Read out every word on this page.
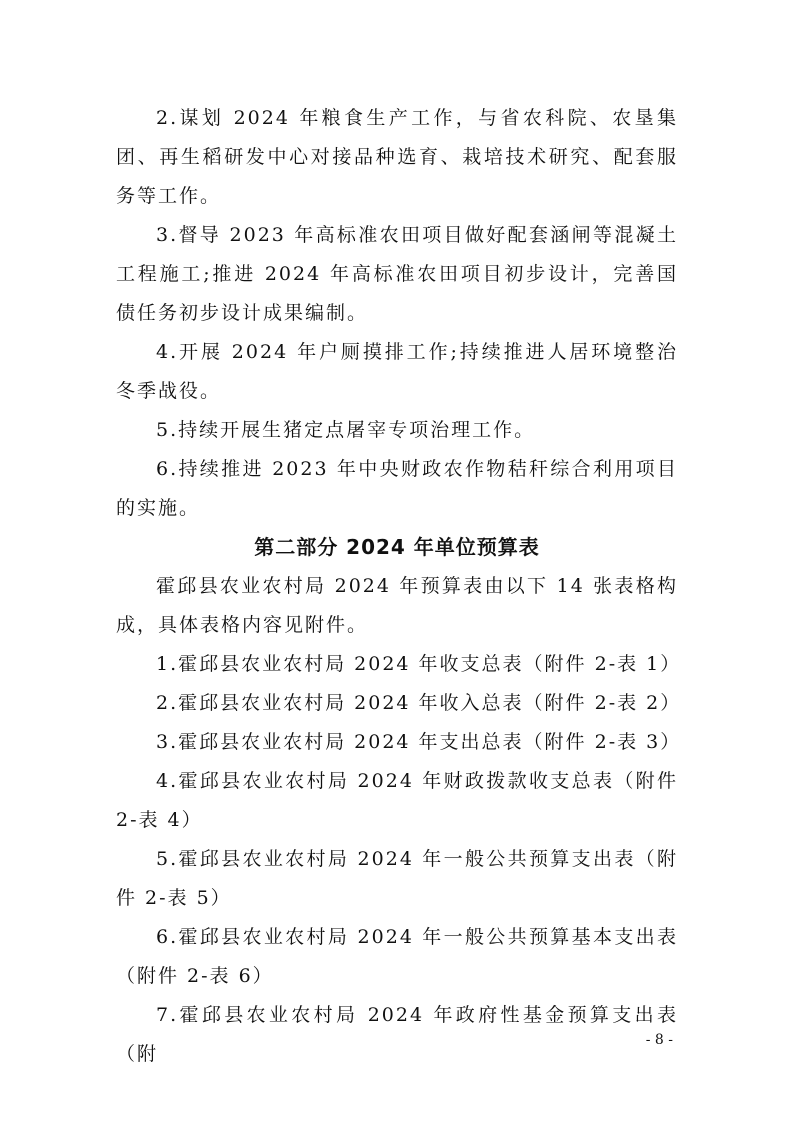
2.谋划 2024 年粮食生产工作，与省农科院、农垦集团、再生稻研发中心对接品种选育、栽培技术研究、配套服务等工作。

3.督导 2023 年高标准农田项目做好配套涵闸等混凝土工程施工;推进 2024 年高标准农田项目初步设计，完善国债任务初步设计成果编制。

4.开展 2024 年户厕摸排工作;持续推进人居环境整治冬季战役。

5.持续开展生猪定点屠宰专项治理工作。

6.持续推进 2023 年中央财政农作物秸秆综合利用项目的实施。

第二部分 2024 年单位预算表

霍邱县农业农村局 2024 年预算表由以下 14 张表格构成，具体表格内容见附件。

1.霍邱县农业农村局 2024 年收支总表（附件 2-表 1）

2.霍邱县农业农村局 2024 年收入总表（附件 2-表 2）

3.霍邱县农业农村局 2024 年支出总表（附件 2-表 3）

4.霍邱县农业农村局 2024 年财政拨款收支总表（附件 2-表 4）

5.霍邱县农业农村局 2024 年一般公共预算支出表（附件 2-表 5）

6.霍邱县农业农村局 2024 年一般公共预算基本支出表（附件 2-表 6）

7.霍邱县农业农村局 2024 年政府性基金预算支出表（附

- 8 -
